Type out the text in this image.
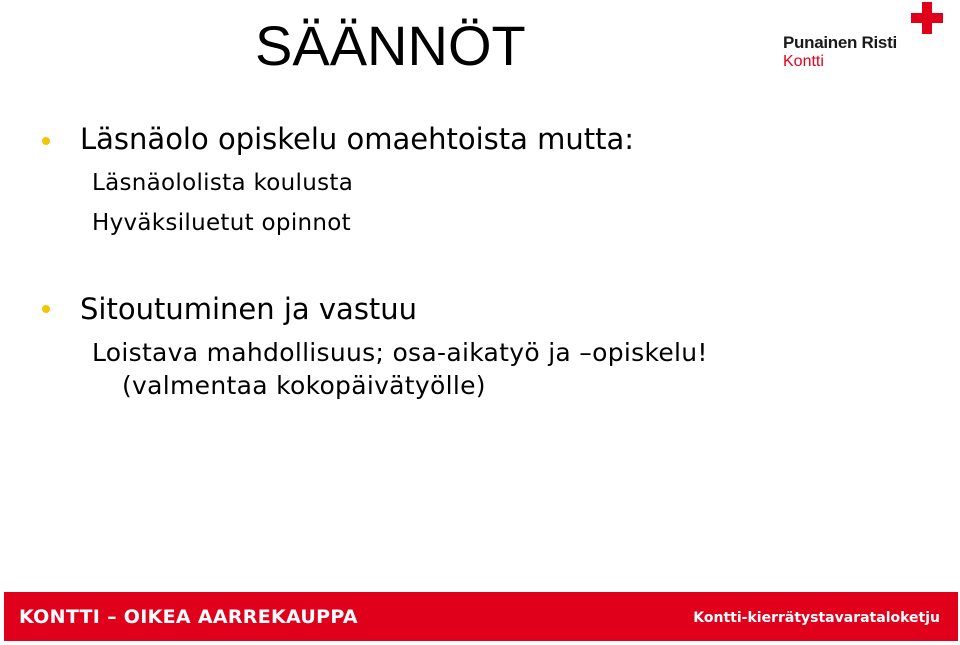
SÄÄNNÖT	Punainen Risti
Kontti
Läsnäolo opiskelu omaehtoista mutta:
Läsnäololista koulusta
Hyväksiluetut opinnot
Sitoutuminen ja vastuu
Loistava mahdollisuus; osa-aikatyö ja –opiskelu!
(valmentaa kokopäivätyölle)
KONTTI – OIKEA AARREKAUPPA	Kontti-kierrätystavarataloketju
